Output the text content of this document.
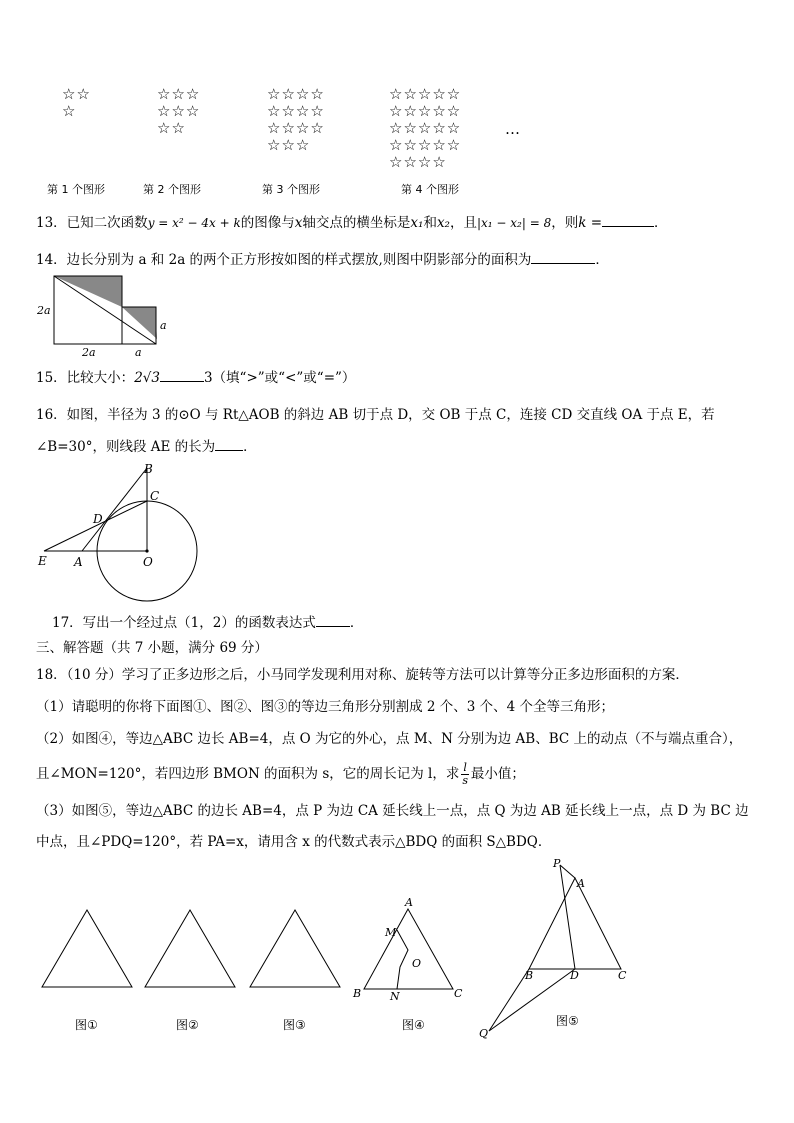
☆☆
☆
☆☆☆
☆☆☆
☆☆
☆☆☆☆
☆☆☆☆
☆☆☆☆
☆☆☆
☆☆☆☆☆
☆☆☆☆☆
☆☆☆☆☆
☆☆☆☆☆
☆☆☆☆
…
第 1 个图形	第 2 个图形	第 3 个图形	第 4 个图形
13．已知二次函数y = x² − 4x + k的图像与x轴交点的横坐标是x₁和x₂，且|x₁ − x₂| = 8，则k =	．
14．边长分别为 a 和 2a 的两个正方形按如图的样式摆放,则图中阴影部分的面积为	．
2a
2a	a
a
15．比较大小：2√3	3（填“>”或“<”或“=”）
16．如图，半径为 3 的⊙O 与 Rt△AOB 的斜边 AB 切于点 D，交 OB 于点 C，连接 CD 交直线 OA 于点 E，若
∠B=30°，则线段 AE 的长为 ．
B
C
D
E A	O
17．写出一个经过点（1，2）的函数表达式	．
三、解答题（共 7 小题，满分 69 分）
18．（10 分）学习了正多边形之后，小马同学发现利用对称、旋转等方法可以计算等分正多边形面积的方案．
（1）请聪明的你将下面图①、图②、图③的等边三角形分别割成 2 个、3 个、4 个全等三角形；
（2）如图④，等边△ABC 边长 AB=4，点 O 为它的外心，点 M、N 分别为边 AB、BC 上的动点（不与端点重合），
且∠MON=120°，若四边形 BMON 的面积为 s，它的周长记为 l，求 $\frac{l}{s}$ 最小值；
（3）如图⑤，等边△ABC 的边长 AB=4，点 P 为边 CA 延长线上一点，点 Q 为边 AB 延长线上一点，点 D 为 BC 边
中点，且∠PDQ=120°，若 PA=x，请用含 x 的代数式表示△BDQ 的面积 S△BDQ．
A
B	C
M
N
O
P
A
B	C
D
Q
图①	图②	图③	图④	图⑤
